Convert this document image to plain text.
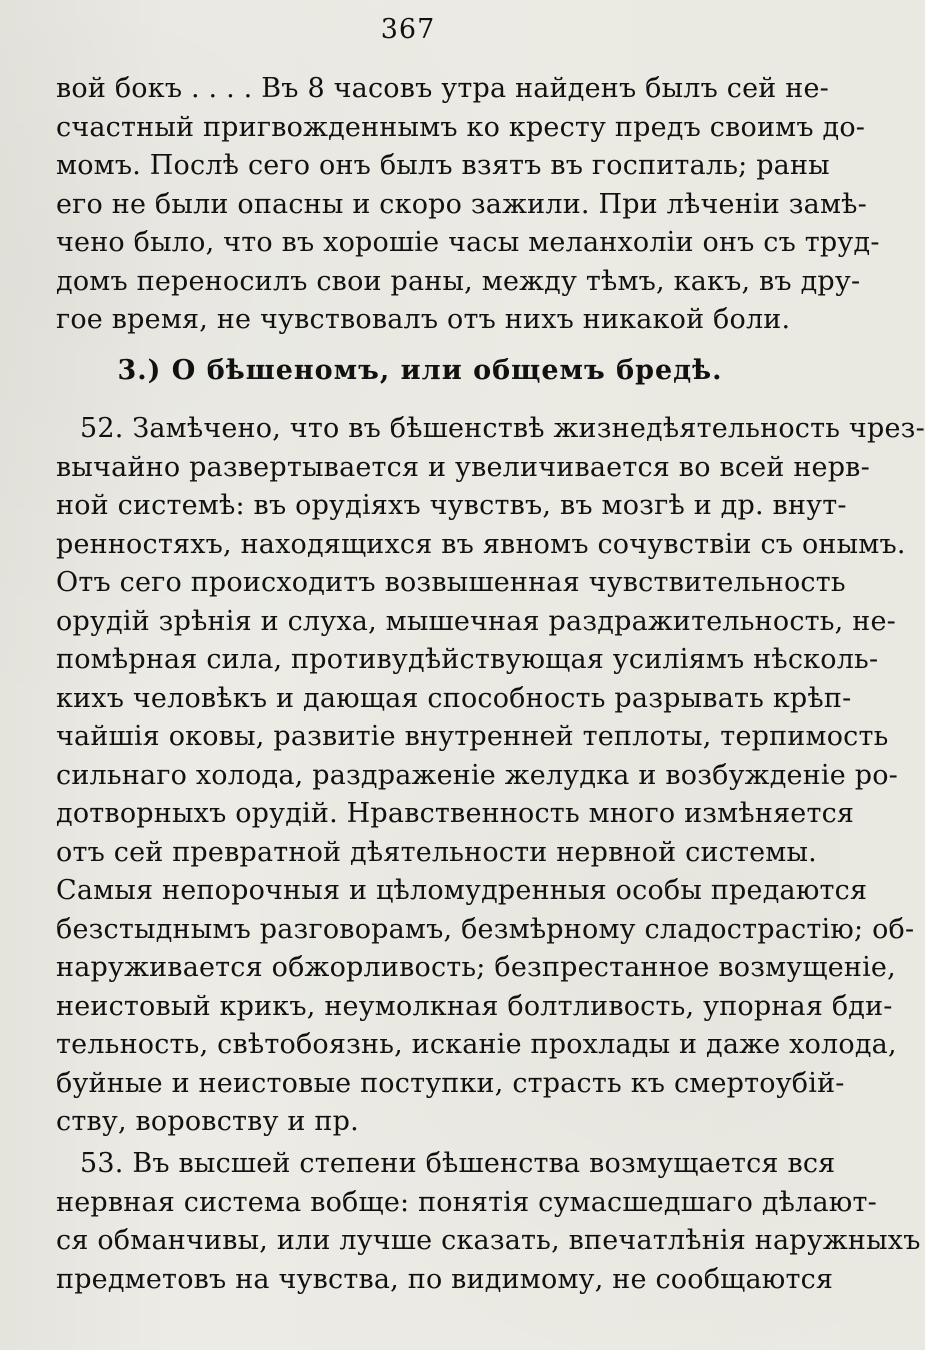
367
вой бокъ . . . . Въ 8 часовъ утра найденъ былъ сей не-
счастный пригвожденнымъ ко кресту предъ своимъ до-
момъ. Послѣ сего онъ былъ взятъ въ госпиталь; раны
его не были опасны и скоро зажили. При лѣченіи замѣ-
чено было, что въ хорошіе часы меланхоліи онъ съ труд-
домъ переносилъ свои раны, между тѣмъ, какъ, въ дру-
гое время, не чувствовалъ отъ нихъ никакой боли.
3.) О бѣшеномъ, или общемъ бредѣ.
52. Замѣчено, что въ бѣшенствѣ жизнедѣятельность чрез-
вычайно развертывается и увеличивается во всей нерв-
ной системѣ: въ орудіяхъ чувствъ, въ мозгѣ и др. внут-
ренностяхъ, находящихся въ явномъ сочувствіи съ онымъ.
Отъ сего происходитъ возвышенная чувствительность
орудій зрѣнія и слуха, мышечная раздражительность, не-
помѣрная сила, противудѣйствующая усиліямъ нѣсколь-
кихъ человѣкъ и дающая способность разрывать крѣп-
чайшія оковы, развитіе внутренней теплоты, терпимость
сильнаго холода, раздраженіе желудка и возбужденіе ро-
дотворныхъ орудій. Нравственность много измѣняется
отъ сей превратной дѣятельности нервной системы.
Самыя непорочныя и цѣломудренныя особы предаются
безстыднымъ разговорамъ, безмѣрному сладострастію; об-
наруживается обжорливость; безпрестанное возмущеніе,
неистовый крикъ, неумолкная болтливость, упорная бди-
тельность, свѣтобоязнь, исканіе прохлады и даже холода,
буйные и неистовые поступки, страсть къ смертоубій-
ству, воровству и пр.
53. Въ высшей степени бѣшенства возмущается вся
нервная система вобще: понятія сумасшедшаго дѣлают-
ся обманчивы, или лучше сказать, впечатлѣнія наружныхъ
предметовъ на чувства, по видимому, не сообщаются
